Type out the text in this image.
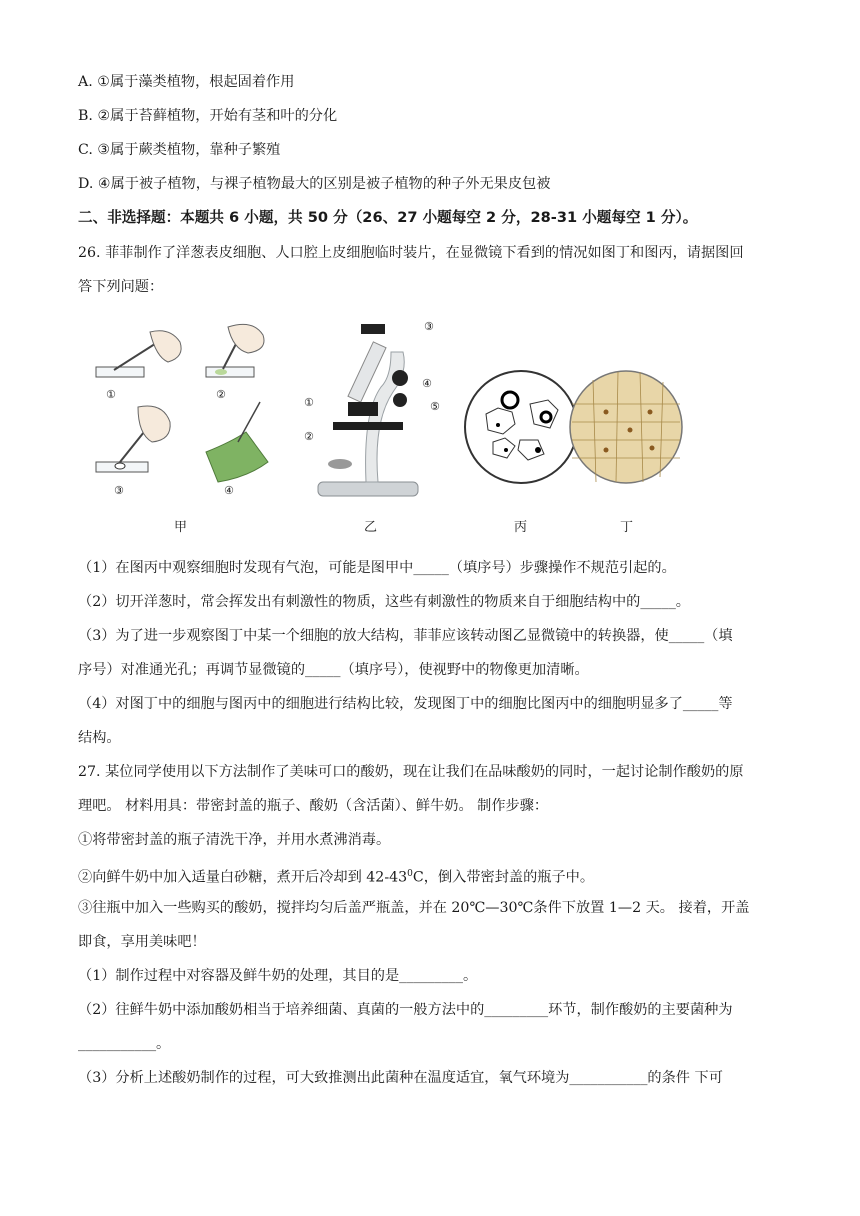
A. ①属于藻类植物，根起固着作用
B. ②属于苔藓植物，开始有茎和叶的分化
C. ③属于蕨类植物，靠种子繁殖
D. ④属于被子植物，与裸子植物最大的区别是被子植物的种子外无果皮包被
二、非选择题：本题共 6 小题，共 50 分（26、27 小题每空 2 分，28-31 小题每空 1 分）。
26. 菲菲制作了洋葱表皮细胞、人口腔上皮细胞临时装片，在显微镜下看到的情况如图丁和图丙，请据图回
答下列问题：
①	②
③	④
①
②
③
④
⑤
甲	乙	丙	丁
（1）在图丙中观察细胞时发现有气泡，可能是图甲中_____（填序号）步骤操作不规范引起的。
（2）切开洋葱时，常会挥发出有刺激性的物质，这些有刺激性的物质来自于细胞结构中的_____。
（3）为了进一步观察图丁中某一个细胞的放大结构，菲菲应该转动图乙显微镜中的转换器，使_____（填
序号）对准通光孔；再调节显微镜的_____（填序号），使视野中的物像更加清晰。
（4）对图丁中的细胞与图丙中的细胞进行结构比较，发现图丁中的细胞比图丙中的细胞明显多了_____等
结构。
27. 某位同学使用以下方法制作了美味可口的酸奶，现在让我们在品味酸奶的同时，一起讨论制作酸奶的原
理吧。 材料用具：带密封盖的瓶子、酸奶（含活菌）、鲜牛奶。 制作步骤：
①将带密封盖的瓶子清洗干净，并用水煮沸消毒。
②向鲜牛奶中加入适量白砂糖，煮开后冷却到 $42-43^0C$，倒入带密封盖的瓶子中。
③往瓶中加入一些购买的酸奶，搅拌均匀后盖严瓶盖，并在 20℃—30℃条件下放置 1—2 天。 接着，开盖
即食，享用美味吧！
（1）制作过程中对容器及鲜牛奶的处理，其目的是_________。
（2）往鲜牛奶中添加酸奶相当于培养细菌、真菌的一般方法中的_________环节，制作酸奶的主要菌种为
___________。
（3）分析上述酸奶制作的过程，可大致推测出此菌种在温度适宜，氧气环境为___________的条件 下可
